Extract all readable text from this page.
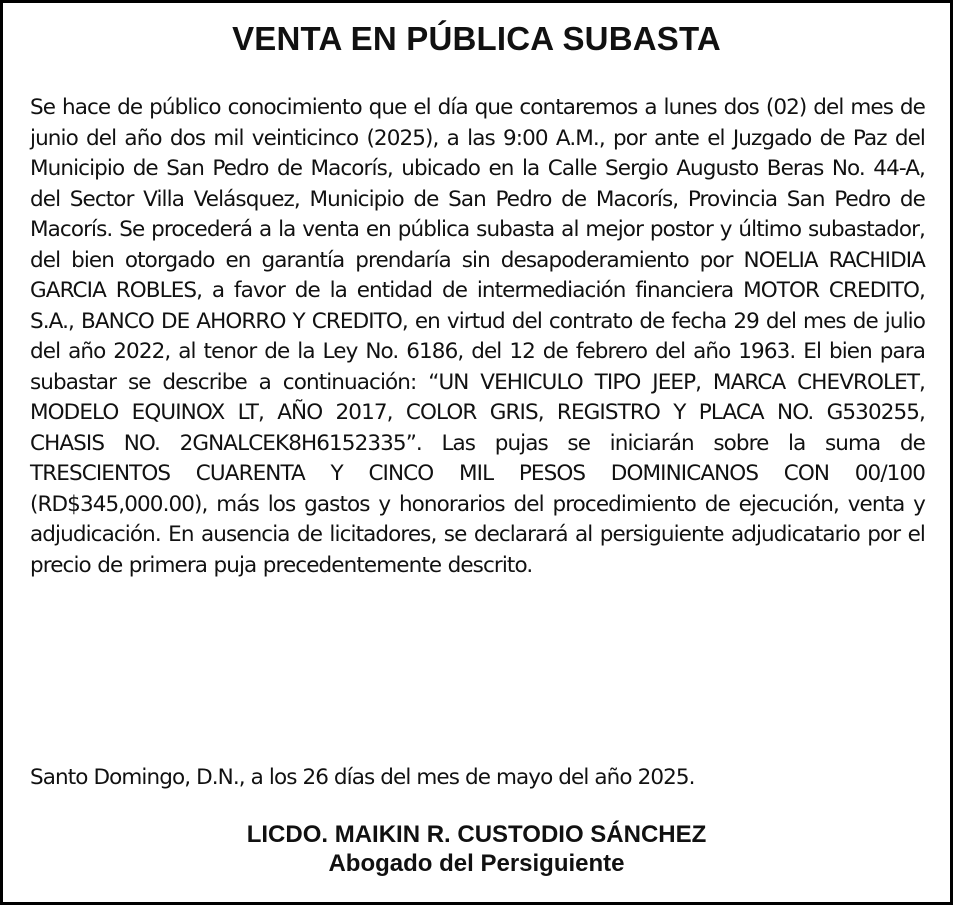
VENTA EN PÚBLICA SUBASTA

Se hace de público conocimiento que el día que contaremos a lunes dos (02) del mes de junio del año dos mil veinticinco (2025), a las 9:00 A.M., por ante el Juzgado de Paz del Municipio de San Pedro de Macorís, ubicado en la Calle Sergio Augusto Beras No. 44-A, del Sector Villa Velásquez, Municipio de San Pedro de Macorís, Provincia San Pedro de Macorís. Se procederá a la venta en pública subasta al mejor postor y último subastador, del bien otorgado en garantía prendaría sin desapoderamiento por NOELIA RACHIDIA GARCIA ROBLES, a favor de la entidad de intermediación financiera MOTOR CREDITO, S.A., BANCO DE AHORRO Y CREDITO, en virtud del contrato de fecha 29 del mes de julio del año 2022, al tenor de la Ley No. 6186, del 12 de febrero del año 1963. El bien para subastar se describe a continuación: “UN VEHICULO TIPO JEEP, MARCA CHEVROLET, MODELO EQUINOX LT, AÑO 2017, COLOR GRIS, REGISTRO Y PLACA NO. G530255, CHASIS NO. 2GNALCEK8H6152335”. Las pujas se iniciarán sobre la suma de TRESCIENTOS CUARENTA Y CINCO MIL PESOS DOMINICANOS CON 00/100 (RD$345,000.00), más los gastos y honorarios del procedimiento de ejecución, venta y adjudicación. En ausencia de licitadores, se declarará al persiguiente adjudicatario por el precio de primera puja precedentemente descrito.

Santo Domingo, D.N., a los 26 días del mes de mayo del año 2025.

LICDO. MAIKIN R. CUSTODIO SÁNCHEZ

Abogado del Persiguiente
